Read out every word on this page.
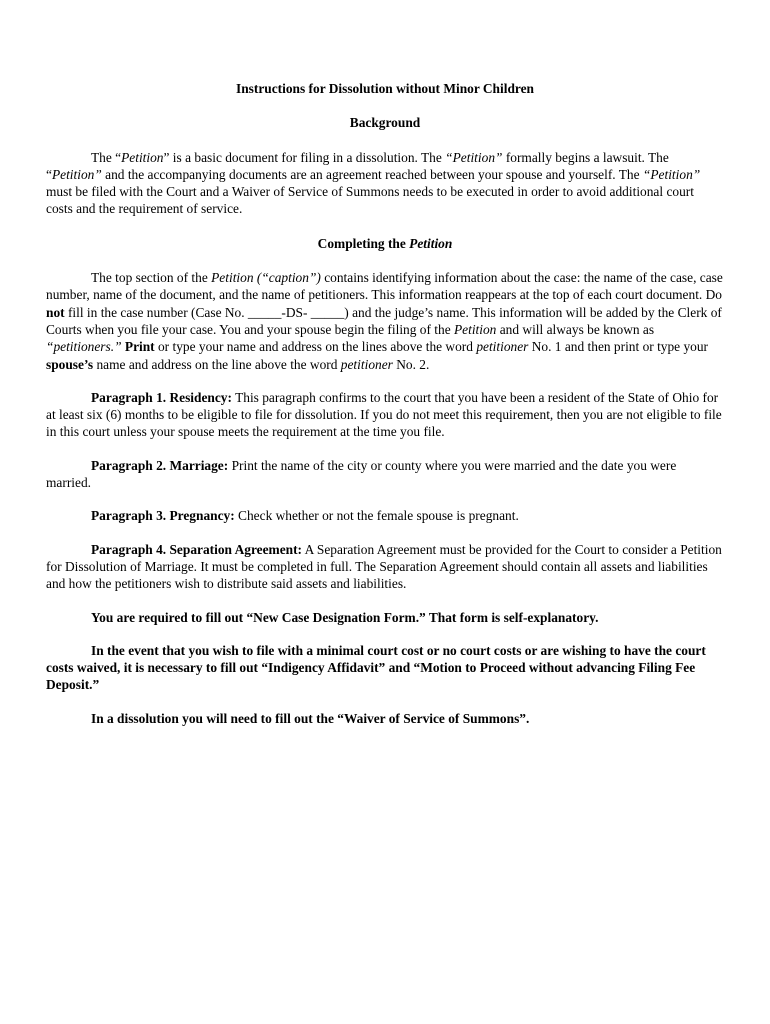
Instructions for Dissolution without Minor Children

Background

The “Petition” is a basic document for filing in a dissolution. The “Petition” formally begins a lawsuit. The “Petition” and the accompanying documents are an agreement reached between your spouse and yourself. The “Petition” must be filed with the Court and a Waiver of Service of Summons needs to be executed in order to avoid additional court costs and the requirement of service.

Completing the Petition

The top section of the Petition (“caption”) contains identifying information about the case: the name of the case, case number, name of the document, and the name of petitioners. This information reappears at the top of each court document. Do not fill in the case number (Case No. _____-DS- _____) and the judge’s name. This information will be added by the Clerk of Courts when you file your case. You and your spouse begin the filing of the Petition and will always be known as “petitioners.” Print or type your name and address on the lines above the word petitioner No. 1 and then print or type your spouse’s name and address on the line above the word petitioner No. 2.

Paragraph 1. Residency: This paragraph confirms to the court that you have been a resident of the State of Ohio for at least six (6) months to be eligible to file for dissolution. If you do not meet this requirement, then you are not eligible to file in this court unless your spouse meets the requirement at the time you file.

Paragraph 2. Marriage: Print the name of the city or county where you were married and the date you were married.

Paragraph 3. Pregnancy: Check whether or not the female spouse is pregnant.

Paragraph 4. Separation Agreement: A Separation Agreement must be provided for the Court to consider a Petition for Dissolution of Marriage. It must be completed in full. The Separation Agreement should contain all assets and liabilities and how the petitioners wish to distribute said assets and liabilities.

You are required to fill out “New Case Designation Form.” That form is self-explanatory.

In the event that you wish to file with a minimal court cost or no court costs or are wishing to have the court costs waived, it is necessary to fill out “Indigency Affidavit” and “Motion to Proceed without advancing Filing Fee Deposit.”

In a dissolution you will need to fill out the “Waiver of Service of Summons”.
